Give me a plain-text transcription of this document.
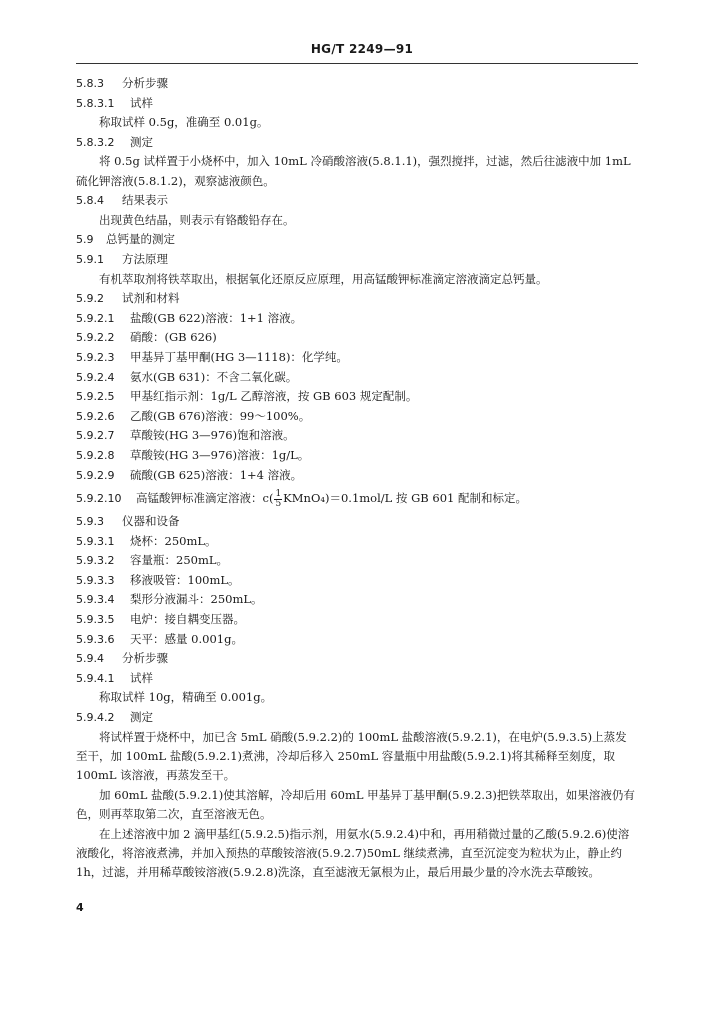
HG/T 2249—91
5.8.3 分析步骤
5.8.3.1 试样
称取试样 0.5g，准确至 0.01g。
5.8.3.2 测定
将 0.5g 试样置于小烧杯中，加入 10mL 冷硝酸溶液(5.8.1.1)，强烈搅拌，过滤，然后往滤液中加 1mL 硫化钾溶液(5.8.1.2)，观察滤液颜色。
5.8.4 结果表示
出现黄色结晶，则表示有铬酸铅存在。
5.9 总钙量的测定
5.9.1 方法原理
有机萃取剂将铁萃取出，根据氧化还原反应原理，用高锰酸钾标准滴定溶液滴定总钙量。
5.9.2 试剂和材料
5.9.2.1 盐酸(GB 622)溶液：1+1 溶液。
5.9.2.2 硝酸：(GB 626)
5.9.2.3 甲基异丁基甲酮(HG 3—1118)：化学纯。
5.9.2.4 氨水(GB 631)：不含二氧化碳。
5.9.2.5 甲基红指示剂：1g/L 乙醇溶液，按 GB 603 规定配制。
5.9.2.6 乙酸(GB 676)溶液：99～100%。
5.9.2.7 草酸铵(HG 3—976)饱和溶液。
5.9.2.8 草酸铵(HG 3—976)溶液：1g/L。
5.9.2.9 硫酸(GB 625)溶液：1+4 溶液。
5.9.2.10 高锰酸钾标准滴定溶液：$c( \frac{1}{5}$ KMnO₄)＝0.1mol/L 按 GB 601 配制和标定。
5.9.3 仪器和设备
5.9.3.1 烧杯：250mL。
5.9.3.2 容量瓶：250mL。
5.9.3.3 移液吸管：100mL。
5.9.3.4 梨形分液漏斗：250mL。
5.9.3.5 电炉：接自耦变压器。
5.9.3.6 天平：感量 0.001g。
5.9.4 分析步骤
5.9.4.1 试样
称取试样 10g，精确至 0.001g。
5.9.4.2 测定
将试样置于烧杯中，加已含 5mL 硝酸(5.9.2.2)的 100mL 盐酸溶液(5.9.2.1)，在电炉(5.9.3.5)上蒸发至干，加 100mL 盐酸(5.9.2.1)煮沸，冷却后移入 250mL 容量瓶中用盐酸(5.9.2.1)将其稀释至刻度，取 100mL 该溶液，再蒸发至干。
加 60mL 盐酸(5.9.2.1)使其溶解，冷却后用 60mL 甲基异丁基甲酮(5.9.2.3)把铁萃取出，如果溶液仍有色，则再萃取第二次，直至溶液无色。
在上述溶液中加 2 滴甲基红(5.9.2.5)指示剂，用氨水(5.9.2.4)中和，再用稍微过量的乙酸(5.9.2.6)使溶液酸化，将溶液煮沸，并加入预热的草酸铵溶液(5.9.2.7)50mL 继续煮沸，直至沉淀变为粒状为止，静止约 1h，过滤，并用稀草酸铵溶液(5.9.2.8)洗涤，直至滤液无氯根为止，最后用最少量的冷水洗去草酸铵。
4
